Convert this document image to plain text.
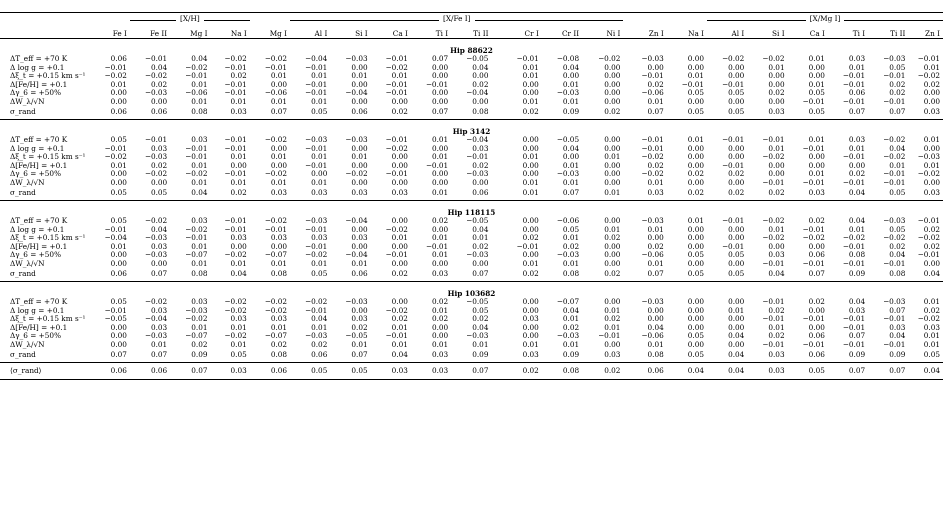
		[X/H]				[X/Fe I]										[X/Mg I]					
	Fe I	Fe II	Mg I	Na I	Mg I	Al I	Si I	Ca I	Ti I	Ti II	Cr I	Cr II	Ni I	Zn I	Na I	Al I	Si I	Ca I	Ti I	Ti II	Zn I
Hip 88622																					
ΔT_eff = +70 K	0.06	−0.01	0.04	−0.02	−0.02	−0.04	−0.03	−0.01	0.07	−0.05	−0.01	−0.08	−0.02	−0.03	0.00	−0.02	−0.02	0.01	0.03	−0.03	−0.01
Δ log g = +0.1	−0.01	0.04	−0.02	−0.01	−0.01	−0.01	0.00	−0.02	0.00	0.04	0.01	0.04	0.00	0.00	0.00	0.00	0.01	0.00	0.01	0.05	0.01
Δξ_t = +0.15 km s⁻¹	−0.02	−0.02	−0.01	0.02	0.01	0.01	0.01	0.01	0.00	0.00	0.01	0.00	0.00	−0.01	0.01	0.00	0.00	0.00	−0.01	−0.01	−0.02
Δ[Fe/H] = +0.1	0.01	0.02	0.01	−0.01	0.00	−0.01	0.00	−0.01	−0.01	0.02	0.00	0.01	0.00	0.02	−0.01	−0.01	0.00	0.01	−0.01	0.02	0.02
Δγ_6 = +50%	0.00	−0.03	−0.06	−0.01	−0.06	−0.01	−0.04	−0.01	0.00	−0.04	0.00	−0.03	0.00	−0.06	0.05	0.05	0.02	0.05	0.06	0.02	0.00
ΔW_λ/√N	0.00	0.00	0.01	0.01	0.01	0.01	0.00	0.00	0.00	0.00	0.01	0.01	0.00	0.01	0.00	0.00	0.00	−0.01	−0.01	−0.01	0.00
σ_rand	0.06	0.06	0.08	0.03	0.07	0.05	0.06	0.02	0.07	0.08	0.02	0.09	0.02	0.07	0.05	0.05	0.03	0.05	0.07	0.07	0.03
Hip 3142																					
ΔT_eff = +70 K	0.05	−0.01	0.03	−0.01	−0.02	−0.03	−0.03	−0.01	0.01	−0.04	0.00	−0.05	0.00	−0.01	0.01	−0.01	−0.01	0.01	0.03	−0.02	0.01
Δ log g = +0.1	−0.01	0.03	−0.01	−0.01	0.00	−0.01	0.00	−0.02	0.00	0.03	0.00	0.04	0.00	−0.01	0.00	0.00	0.01	−0.01	0.01	0.04	0.00
Δξ_t = +0.15 km s⁻¹	−0.02	−0.03	−0.01	0.01	0.01	0.01	0.01	0.00	0.01	−0.01	0.01	0.00	0.01	−0.02	0.00	0.00	−0.02	0.00	−0.01	−0.02	−0.03
Δ[Fe/H] = +0.1	0.01	0.02	0.01	0.00	0.00	−0.01	0.00	0.00	−0.01	0.02	0.00	0.01	0.00	0.02	0.00	−0.01	0.00	0.00	0.00	0.01	0.01
Δγ_6 = +50%	0.00	−0.02	−0.02	−0.01	−0.02	0.00	−0.02	−0.01	0.00	−0.03	0.00	−0.03	0.00	−0.02	0.02	0.02	0.00	0.01	0.02	−0.01	−0.02
ΔW_λ/√N	0.00	0.00	0.01	0.01	0.01	0.01	0.00	0.00	0.00	0.00	0.01	0.01	0.00	0.01	0.00	0.00	−0.01	−0.01	−0.01	−0.01	0.00
σ_rand	0.05	0.05	0.04	0.02	0.03	0.03	0.03	0.03	0.01	0.06	0.01	0.07	0.01	0.03	0.02	0.02	0.02	0.03	0.04	0.05	0.03
Hip 118115																					
ΔT_eff = +70 K	0.05	−0.02	0.03	−0.01	−0.02	−0.03	−0.04	0.00	0.02	−0.05	0.00	−0.06	0.00	−0.03	0.01	−0.01	−0.02	0.02	0.04	−0.03	−0.01
Δ log g = +0.1	−0.01	0.04	−0.02	−0.01	−0.01	−0.01	0.00	−0.02	0.00	0.04	0.00	0.05	0.01	0.01	0.00	0.00	0.01	−0.01	0.01	0.05	0.02
Δξ_t = +0.15 km s⁻¹	−0.04	−0.03	−0.01	0.03	0.03	0.03	0.03	0.01	0.01	0.01	0.02	0.01	0.02	0.00	0.00	0.00	−0.02	−0.02	−0.02	−0.02	−0.02
Δ[Fe/H] = +0.1	0.01	0.03	0.01	0.00	0.00	−0.01	0.00	0.00	−0.01	0.02	−0.01	0.02	0.00	0.02	0.00	−0.01	0.00	0.00	−0.01	0.02	0.02
Δγ_6 = +50%	0.00	−0.03	−0.07	−0.02	−0.07	−0.02	−0.04	−0.01	0.01	−0.03	0.00	−0.03	0.00	−0.06	0.05	0.05	0.03	0.06	0.08	0.04	−0.01
ΔW_λ/√N	0.00	0.00	0.01	0.01	0.01	0.01	0.01	0.00	0.00	0.00	0.01	0.01	0.00	0.01	0.00	0.00	−0.01	−0.01	−0.01	−0.01	0.00
σ_rand	0.06	0.07	0.08	0.04	0.08	0.05	0.06	0.02	0.03	0.07	0.02	0.08	0.02	0.07	0.05	0.05	0.04	0.07	0.09	0.08	0.04
Hip 103682																					
ΔT_eff = +70 K	0.05	−0.02	0.03	−0.02	−0.02	−0.02	−0.03	0.00	0.02	−0.05	0.00	−0.07	0.00	−0.03	0.00	0.00	−0.01	0.02	0.04	−0.03	0.01
Δ log g = +0.1	−0.01	0.03	−0.03	−0.02	−0.02	−0.01	0.00	−0.02	0.01	0.05	0.00	0.04	0.01	0.00	0.00	0.01	0.02	0.00	0.03	0.07	0.02
Δξ_t = +0.15 km s⁻¹	−0.05	−0.04	−0.02	0.03	0.03	0.04	0.03	0.02	0.02	0.02	0.03	0.01	0.02	0.00	0.00	0.00	−0.01	−0.01	−0.01	−0.01	−0.02
Δ[Fe/H] = +0.1	0.00	0.03	0.01	0.01	0.01	0.01	0.02	0.01	0.00	0.04	0.00	0.02	0.01	0.04	0.00	0.00	0.01	0.00	−0.01	0.03	0.03
Δγ_6 = +50%	0.00	−0.03	−0.07	−0.02	−0.07	−0.03	−0.05	−0.01	0.00	−0.03	0.00	−0.03	−0.01	−0.06	0.05	0.04	0.02	0.06	0.07	0.04	0.01
ΔW_λ/√N	0.00	0.01	0.02	0.01	0.02	0.02	0.01	0.01	0.01	0.01	0.01	0.01	0.00	0.01	0.00	0.00	−0.01	−0.01	−0.01	−0.01	0.01
σ_rand	0.07	0.07	0.09	0.05	0.08	0.06	0.07	0.04	0.03	0.09	0.03	0.09	0.03	0.08	0.05	0.04	0.03	0.06	0.09	0.09	0.05
⟨σ_rand⟩	0.06	0.06	0.07	0.03	0.06	0.05	0.05	0.03	0.03	0.07	0.02	0.08	0.02	0.06	0.04	0.04	0.03	0.05	0.07	0.07	0.04
